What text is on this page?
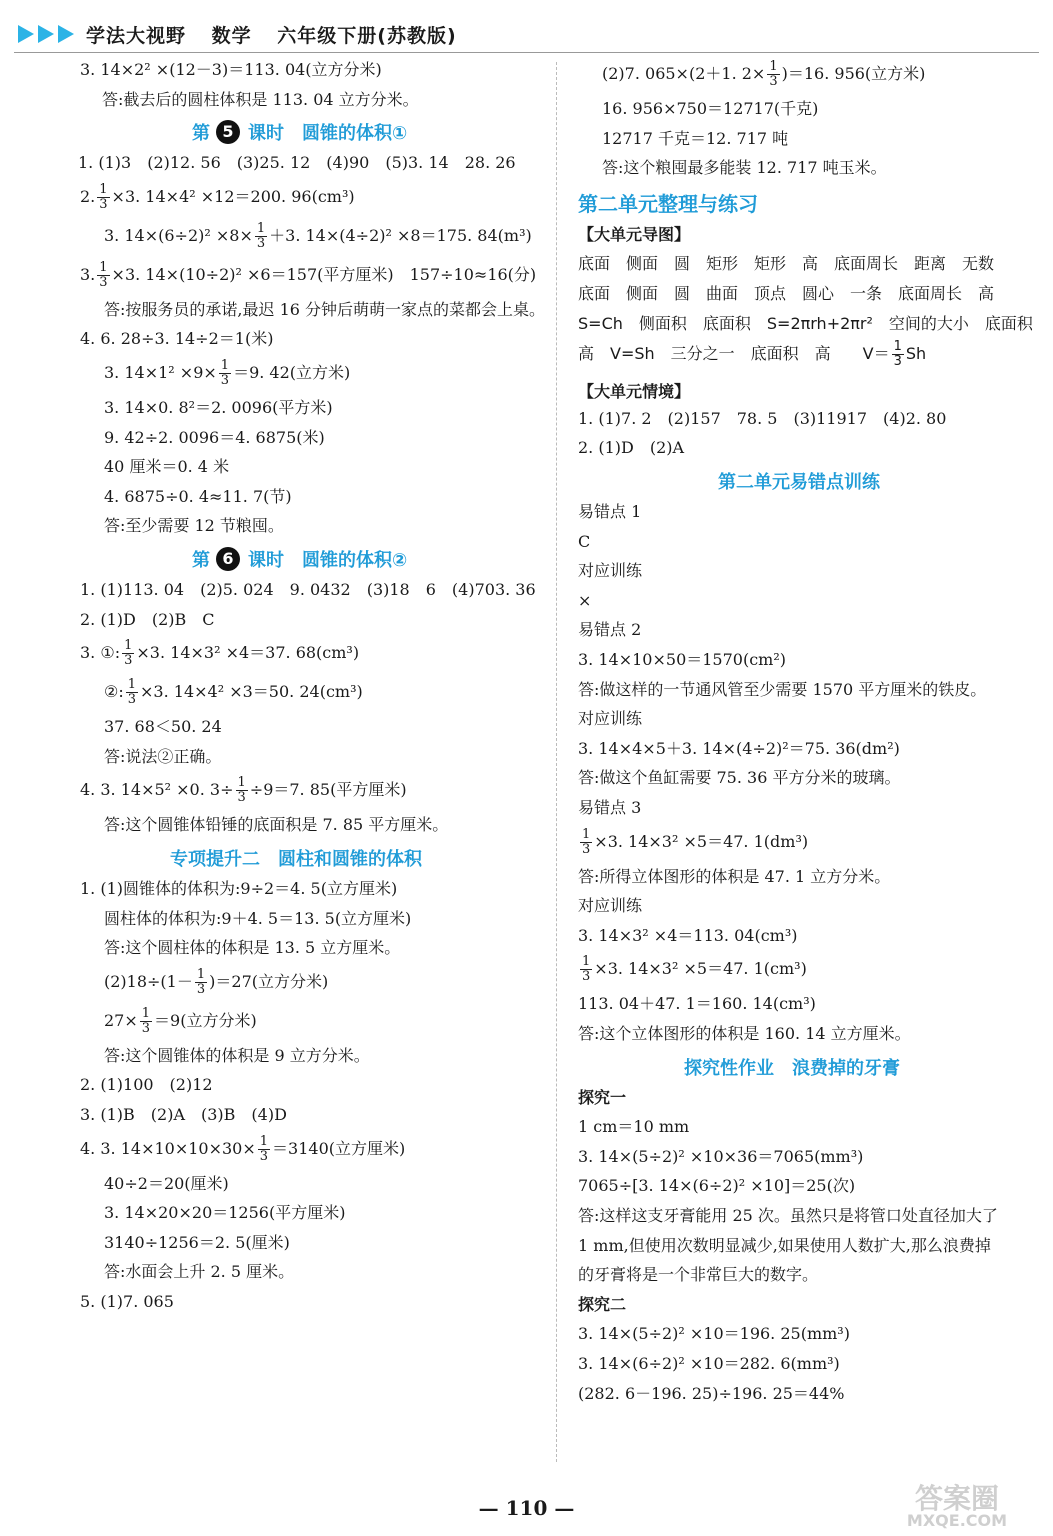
学法大视野 数学 六年级下册(苏教版)
3. 14×2² ×(12－3)＝113. 04(立方分米)
答:截去后的圆柱体积是 113. 04 立方分米。
第 5 课时　圆锥的体积①
1. (1)3　(2)12. 56　(3)25. 12　(4)90　(5)3. 14　28. 26
2. $\frac{1}{3} \times 3$. 14×4² ×12＝200. 96(cm³)
3. $14\times(6\div 2)^2 \times 8\times \frac{1}{3} +3$. 14×(4÷2)² ×8＝175. 84(m³)
3. $\frac{1}{3} \times 3$. 14×(10÷2)² ×6＝157(平方厘米)　157÷10≈16(分)
答:按服务员的承诺,最迟 16 分钟后萌萌一家点的菜都会上桌。
4. 6. 28÷3. 14÷2＝1(米)
3. $14\times 1^2 \times 9\times \frac{1}{3} =9$. 42(立方米)
3. 14×0. 8²＝2. 0096(平方米)
9. 42÷2. 0096＝4. 6875(米)
40 厘米＝0. 4 米
4. 6875÷0. 4≈11. 7(节)
答:至少需要 12 节粮囤。
第 6 课时　圆锥的体积②
1. (1)113. 04　(2)5. 024　9. 0432　(3)18　6　(4)703. 36
2. (1)D　(2)B　C
3. ①: $\frac{1}{3} \times 3$. 14×3² ×4＝37. 68(cm³)
②: $\frac{1}{3} \times 3$. 14×4² ×3＝50. 24(cm³)
37. 68＜50. 24
答:说法②正确。
4. 3. 14×5² ×0. $3\div \frac{1}{3} \div 9=7$. 85(平方厘米)
答:这个圆锥体铅锤的底面积是 7. 85 平方厘米。
专项提升二　圆柱和圆锥的体积
1. (1)圆锥体的体积为:9÷2＝4. 5(立方厘米)
圆柱体的体积为:9＋4. 5＝13. 5(立方厘米)
答:这个圆柱体的体积是 13. 5 立方厘米。
$(2)18\div(1- \frac{1}{3} )=27$(立方分米)
$27\times \frac{1}{3} =9$(立方分米)
答:这个圆锥体的体积是 9 立方分米。
2. (1)100　(2)12
3. (1)B　(2)A　(3)B　(4)D
4. 3. $14\times 10\times 10\times 30\times \frac{1}{3} =3140$(立方厘米)
40÷2＝20(厘米)
3. 14×20×20＝1256(平方厘米)
3140÷1256＝2. 5(厘米)
答:水面会上升 2. 5 厘米。
5. (1)7. 065
(2)7. 065×(2＋1. $2\times \frac{1}{3} )=16$. 956(立方米)
16. 956×750＝12717(千克)
12717 千克＝12. 717 吨
答:这个粮囤最多能装 12. 717 吨玉米。
第二单元整理与练习
【大单元导图】
底面　侧面　圆　矩形　矩形　高　底面周长　距离　无数
底面　侧面　圆　曲面　顶点　圆心　一条　底面周长　高
S=Ch　侧面积　底面积　S=2πrh+2πr²　空间的大小　底面积
高　V=Sh　三分之一　底面积　高　　$V= \frac{1}{3}$ Sh
【大单元情境】
1. (1)7. 2　(2)157　78. 5　(3)11917　(4)2. 80
2. (1)D　(2)A
第二单元易错点训练
易错点 1
C
对应训练
×
易错点 2
3. 14×10×50＝1570(cm²)
答:做这样的一节通风管至少需要 1570 平方厘米的铁皮。
对应训练
3. 14×4×5＋3. 14×(4÷2)²＝75. 36(dm²)
答:做这个鱼缸需要 75. 36 平方分米的玻璃。
易错点 3
$\frac{1}{3} \times 3$. 14×3² ×5＝47. 1(dm³)
答:所得立体图形的体积是 47. 1 立方分米。
对应训练
3. 14×3² ×4＝113. 04(cm³)
$\frac{1}{3} \times 3$. 14×3² ×5＝47. 1(cm³)
113. 04＋47. 1＝160. 14(cm³)
答:这个立体图形的体积是 160. 14 立方厘米。
探究性作业　浪费掉的牙膏
探究一
1 cm＝10 mm
3. 14×(5÷2)² ×10×36＝7065(mm³)
7065÷[3. 14×(6÷2)² ×10]＝25(次)
答:这样这支牙膏能用 25 次。虽然只是将管口处直径加大了
1 mm,但使用次数明显减少,如果使用人数扩大,那么浪费掉
的牙膏将是一个非常巨大的数字。
探究二
3. 14×(5÷2)² ×10＝196. 25(mm³)
3. 14×(6÷2)² ×10＝282. 6(mm³)
(282. 6－196. 25)÷196. 25＝44%
— 110 —	答案圈
MXQE.COM
